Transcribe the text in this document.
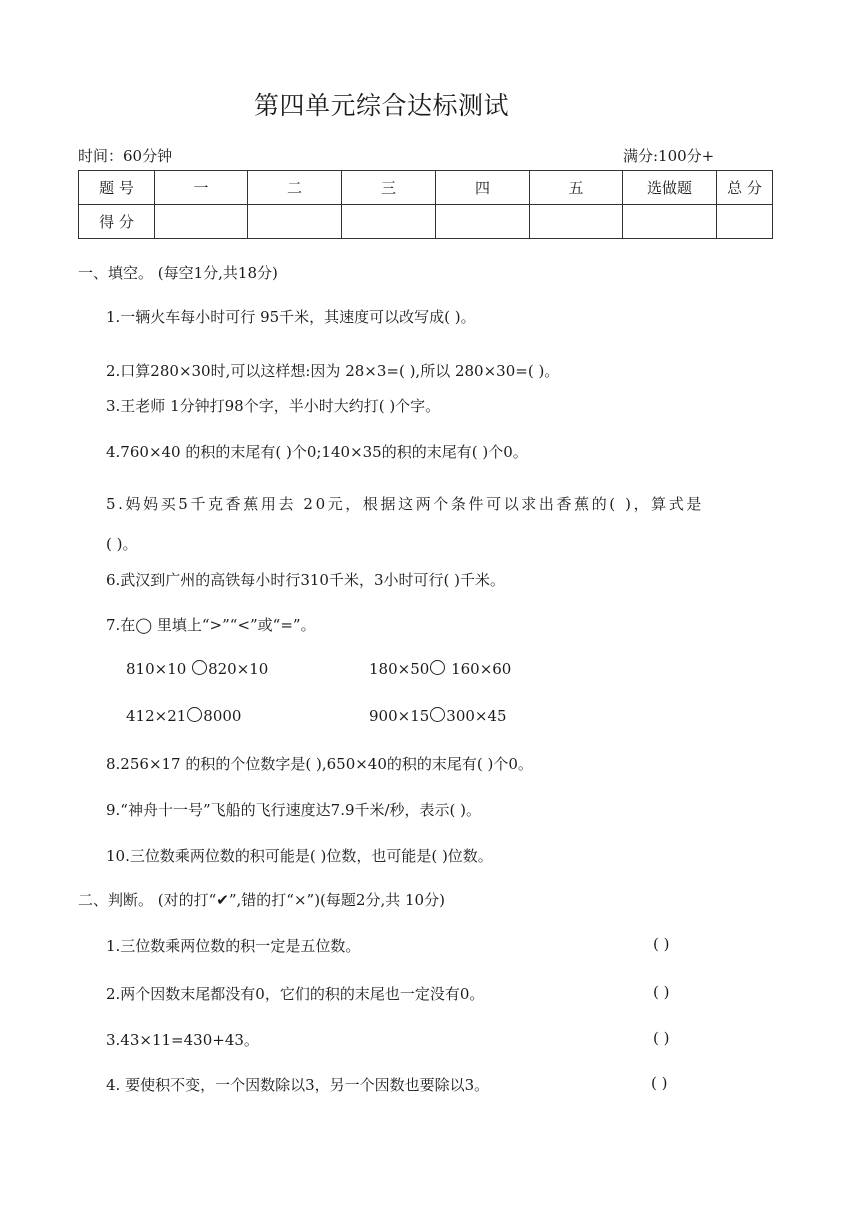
第四单元综合达标测试
时间：60分钟	满分:100分+
题 号	一	二	三	四	五	选做题	总 分
得 分							
一、填空。 (每空1分,共18分)
1.一辆火车每小时可行 95千米，其速度可以改写成( )。
2.口算280×30时,可以这样想:因为 28×3=( ),所以 280×30=( )。
3.王老师 1分钟打98个字，半小时大约打( )个字。
4.760×40 的积的末尾有( )个0;140×35的积的末尾有( )个0。
5.妈妈买5千克香蕉用去 20元，根据这两个条件可以求出香蕉的( )，算式是
( )。
6.武汉到广州的高铁每小时行310千米，3小时可行( )千米。
7.在◯ 里填上“>”“<”或“=”。
810×10 820×10	180×50 160×60
412×21 8000	900×15 300×45
8.256×17 的积的个位数字是( ),650×40的积的末尾有( )个0。
9.“神舟十一号”飞船的飞行速度达7.9千米/秒，表示( )。
10.三位数乘两位数的积可能是( )位数，也可能是( )位数。
二、判断。 (对的打“✔”,错的打“×”)(每题2分,共 10分)
1.三位数乘两位数的积一定是五位数。	( )
2.两个因数末尾都没有0，它们的积的末尾也一定没有0。	( )
3.43×11=430+43。	( )
4. 要使积不变，一个因数除以3，另一个因数也要除以3。	( )
